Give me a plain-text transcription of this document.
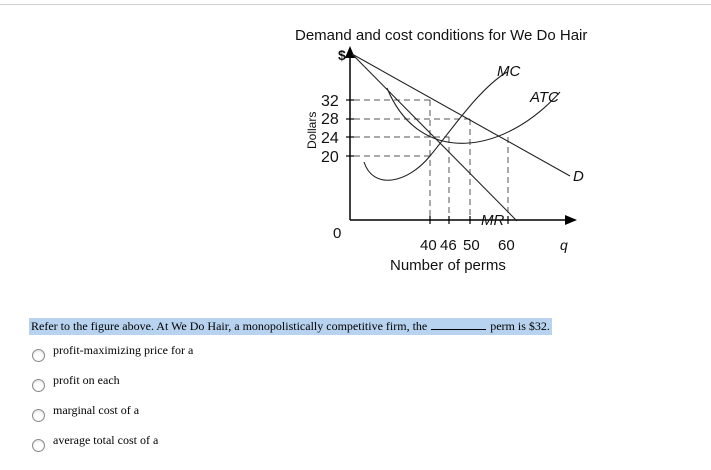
Demand and cost conditions for We Do Hair
$
Dollars
32
28
24
20
0
MC
ATC
D
MR
40 46 50 60	q
Number of perms
Refer to the figure above. At We Do Hair, a monopolistically competitive firm, the	perm is $32.
profit-maximizing price for a
profit on each
marginal cost of a
average total cost of a
